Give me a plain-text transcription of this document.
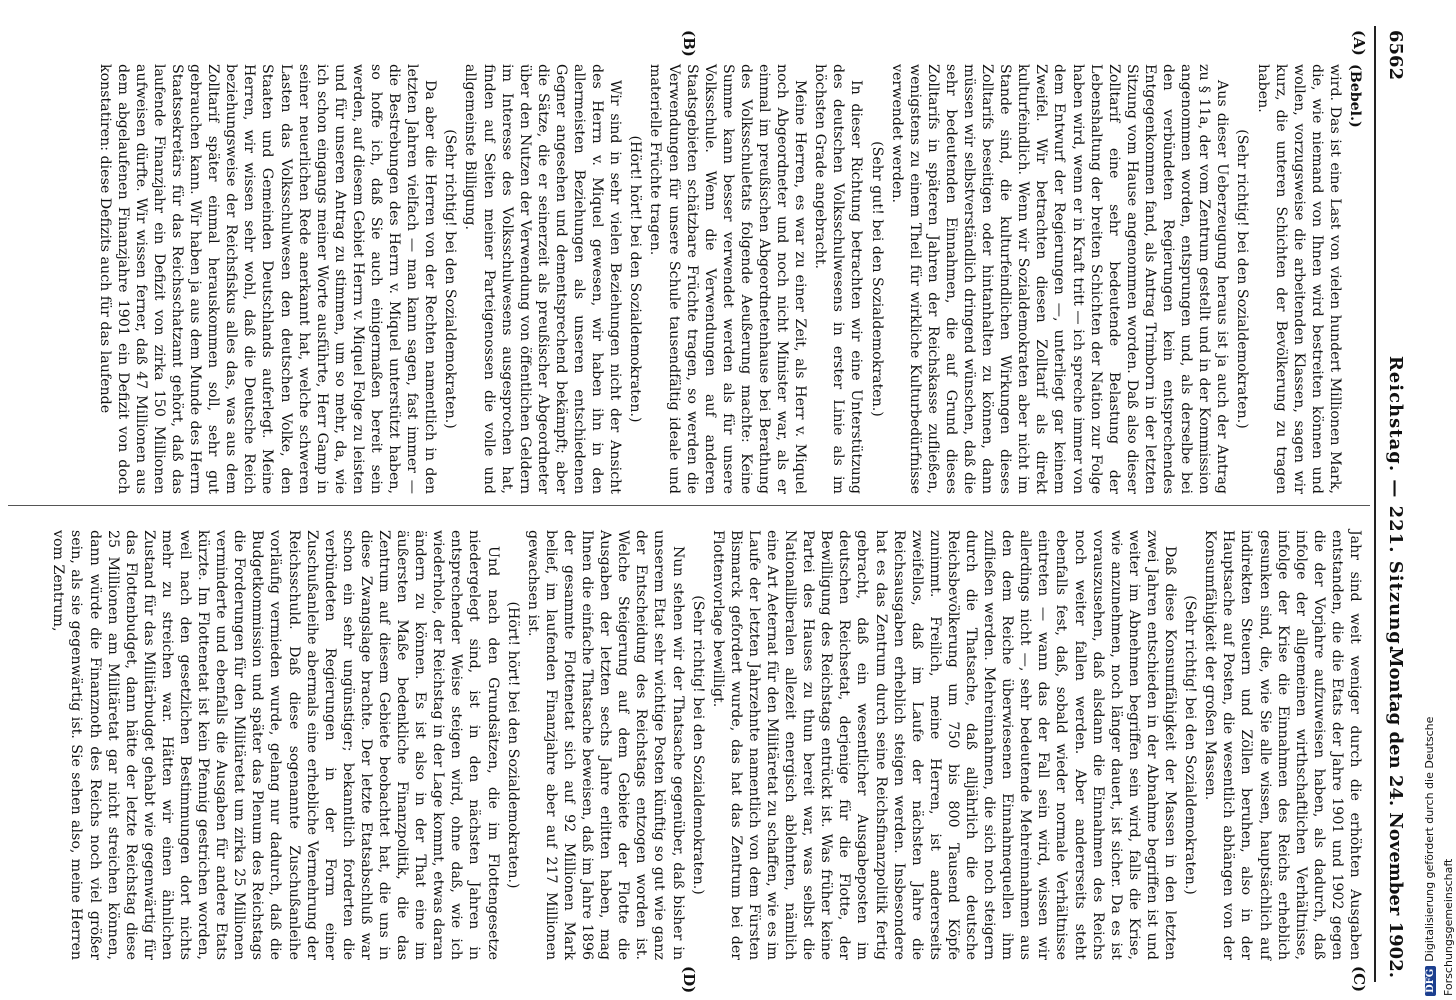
6562
Reichstag. — 221. Sitzung.
Montag den 24. November 1902.
(A)
(B)
(C)
(D)

(Bebel.)

wird. Das ist eine Last von vielen hundert Millionen Mark, die, wie niemand von Ihnen wird bestreiten können und wollen, vorzugsweise die arbeitenden Klassen, sagen wir kurz, die unteren Schichten der Bevölkerung zu tragen haben.

(Sehr richtig! bei den Sozialdemokraten.)

Aus dieser Ueberzeugung heraus ist ja auch der Antrag zu § 11a, der vom Zentrum gestellt und in der Kommission angenommen worden, entsprungen und, als derselbe bei den verbündeten Regierungen kein entsprechendes Entgegenkommen fand, als Antrag Trimborn in der letzten Sitzung vom Hause angenommen worden. Daß also dieser Zolltarif eine sehr bedeutende Belastung der Lebenshaltung der breiten Schichten der Nation zur Folge haben wird, wenn er in Kraft tritt — ich spreche immer von dem Entwurf der Regierungen —, unterliegt gar keinem Zweifel. Wir betrachten diesen Zolltarif als direkt kulturfeindlich. Wenn wir Sozialdemokraten aber nicht im Stande sind, die kulturfeindlichen Wirkungen dieses Zolltarifs beseitigen oder hintanhalten zu können, dann müssen wir selbstverständlich dringend wünschen, daß die sehr bedeutenden Einnahmen, die auf Grund dieses Zolltarifs in späteren Jahren der Reichskasse zufließen, wenigstens zu einem Theil für wirkliche Kulturbedürfnisse verwendet werden.

(Sehr gut! bei den Sozialdemokraten.)

In dieser Richtung betrachten wir eine Unterstützung des deutschen Volksschulwesens in erster Linie als im höchsten Grade angebracht.

Meine Herren, es war zu einer Zeit, als Herr v. Miquel noch Abgeordneter und noch nicht Minister war, als er einmal im preußischen Abgeordnetenhause bei Berathung des Volksschuletats folgende Aeußerung machte: Keine Summe kann besser verwendet werden als für unsere Volksschule. Wenn die Verwendungen auf anderen Staatsgebieten schätzbare Früchte tragen, so werden die Verwendungen für unsere Schule tausendfältig ideale und materielle Früchte tragen.

(Hört! hört! bei den Sozialdemokraten.)

Wir sind in sehr vielen Beziehungen nicht der Ansicht des Herrn v. Miquel gewesen, wir haben ihn in den allermeisten Beziehungen als unseren entschiedenen Gegner angesehen und dementsprechend bekämpft; aber die Sätze, die er seinerzeit als preußischer Abgeordneter über den Nutzen der Verwendung von öffentlichen Geldern im Interesse des Volksschulwesens ausgesprochen hat, finden auf Seiten meiner Parteigenossen die volle und allgemeinste Billigung.

(Sehr richtig! bei den Sozialdemokraten.)

Da aber die Herren von der Rechten namentlich in den letzten Jahren vielfach — man kann sagen, fast immer — die Bestrebungen des Herrn v. Miquel unterstützt haben, so hoffe ich, daß Sie auch einigermaßen bereit sein werden, auf diesem Gebiet Herrn v. Miquel Folge zu leisten und für unseren Antrag zu stimmen, um so mehr, da, wie ich schon eingangs meiner Worte ausführte, Herr Gamp in seiner neuerlichen Rede anerkannt hat, welche schweren Lasten das Volksschulwesen den deutschen Volke, den Staaten und Gemeinden Deutschlands auferlegt. Meine Herren, wir wissen sehr wohl, daß die Deutsche Reich beziehungsweise der Reichsfiskus alles das, was aus dem Zolltarif später einmal herauskommen soll, sehr gut gebrauchen kann. Wir haben ja aus dem Munde des Herrn Staatssekretärs für das Reichsschatzamt gehört, daß das laufende Finanzjahr ein Defizit von zirka 150 Millionen aufweisen dürfte. Wir wissen ferner, daß 47 Millionen aus dem abgelaufenen Finanzjahre 1901 ein Defizit von doch konstatiren: diese Defizits auch für das laufende

Jahr sind weit weniger durch die erhöhten Ausgaben entstanden, die die Etats der Jahre 1901 und 1902 gegen die der Vorjahre aufzuweisen haben, als dadurch, daß infolge der allgemeinen wirthschaftlichen Verhältnisse, infolge der Krise die Einnahmen des Reichs erheblich gesunken sind, die, wie Sie alle wissen, hauptsächlich auf indirekten Steuern und Zöllen beruhen, also in der Hauptsache auf Posten, die wesentlich abhängen von der Konsumfähigkeit der großen Massen.

(Sehr richtig! bei den Sozialdemokraten.)

Daß diese Konsumfähigkeit der Massen in den letzten zwei Jahren entschieden in der Abnahme begriffen ist und weiter im Abnehmen begriffen sein wird, falls die Krise, wie anzunehmen, noch länger dauert, ist sicher. Da es ist vorauszusehen, daß alsdann die Einnahmen des Reichs noch weiter fallen werden. Aber andererseits steht ebenfalls fest, daß, sobald wieder normale Verhältnisse eintreten — wann das der Fall sein wird, wissen wir allerdings nicht —, sehr bedeutende Mehreinnahmen aus den dem Reiche überwiesenen Einnahmequellen ihm zufließen werden. Mehreinnahmen, die sich noch steigern durch die Thatsache, daß alljährlich die deutsche Reichsbevölkerung um 750 bis 800 Tausend Köpfe zunimmt. Freilich, meine Herren, ist andererseits zweifellos, daß im Laufe der nächsten Jahre die Reichsausgaben erheblich steigen werden. Insbesondere hat es das Zentrum durch seine Reichsfinanzpolitik fertig gebracht, daß ein wesentlicher Ausgabeposten im deutschen Reichsetat, derjenige für die Flotte, der Bewilligung des Reichstags entrückt ist. Was früher keine Partei des Hauses zu thun bereit war, was selbst die Nationalliberalen allezeit energisch ablehnten, nämlich eine Art Aeternat für den Militäretat zu schaffen, wie es im Laufe der letzten Jahrzehnte namentlich von dem Fürsten Bismarck gefordert wurde, das hat das Zentrum bei der Flottenvorlage bewilligt.

(Sehr richtig! bei den Sozialdemokraten.)

Nun stehen wir der Thatsache gegenüber, daß bisher in unserem Etat sehr wichtige Posten künftig so gut wie ganz der Entscheidung des Reichstags entzogen worden ist. Welche Steigerung auf dem Gebiete der Flotte die Ausgaben der letzten sechs Jahre erlitten haben, mag Ihnen die einfache Thatsache beweisen, daß im Jahre 1896 der gesammte Flottenetat sich auf 92 Millionen Mark belief, im laufenden Finanzjahre aber auf 217 Millionen gewachsen ist.

(Hört! hört! bei den Sozialdemokraten.)

Und nach den Grundsätzen, die im Flottengesetze niedergelegt sind, ist in den nächsten Jahren in entsprechender Weise steigen wird, ohne daß, wie ich wiederhole, der Reichstag in der Lage kommt, etwas daran ändern zu können. Es ist also in der That eine im äußersten Maße bedenkliche Finanzpolitik, die das Zentrum auf diesem Gebiete beobachtet hat, die uns in diese Zwangslage brachte. Der letzte Etatsabschluß war schon ein sehr ungünstiger; bekanntlich forderten die verbündeten Regierungen in der Form einer Zuschußanleihe abermals eine erhebliche Vermehrung der Reichsschuld. Daß diese sogenannte Zuschußanleihe vorläufig vermieden wurde, gelang nur dadurch, daß die Budgetkommission und später das Plenum des Reichstags die Forderungen für den Militäretat um zirka 25 Millionen verminderte und ebenfalls die Ausgaben für andere Etats kürzte. Im Flottenetat ist kein Pfennig gestrichen worden, weil nach den gesetzlichen Bestimmungen dort nichts mehr zu streichen war. Hätten wir einen ähnlichen Zustand für das Militärbudget gehabt wie gegenwärtig für das Flottenbudget, dann hätte der letzte Reichstag diese 25 Millionen am Militäretat gar nicht streichen können, dann würde die Finanznoth des Reichs noch viel größer sein, als sie gegenwärtig ist. Sie sehen also, meine Herren vom Zentrum,

DFGDigitalisierung gefördert durch die Deutsche Forschungsgemeinschaft
